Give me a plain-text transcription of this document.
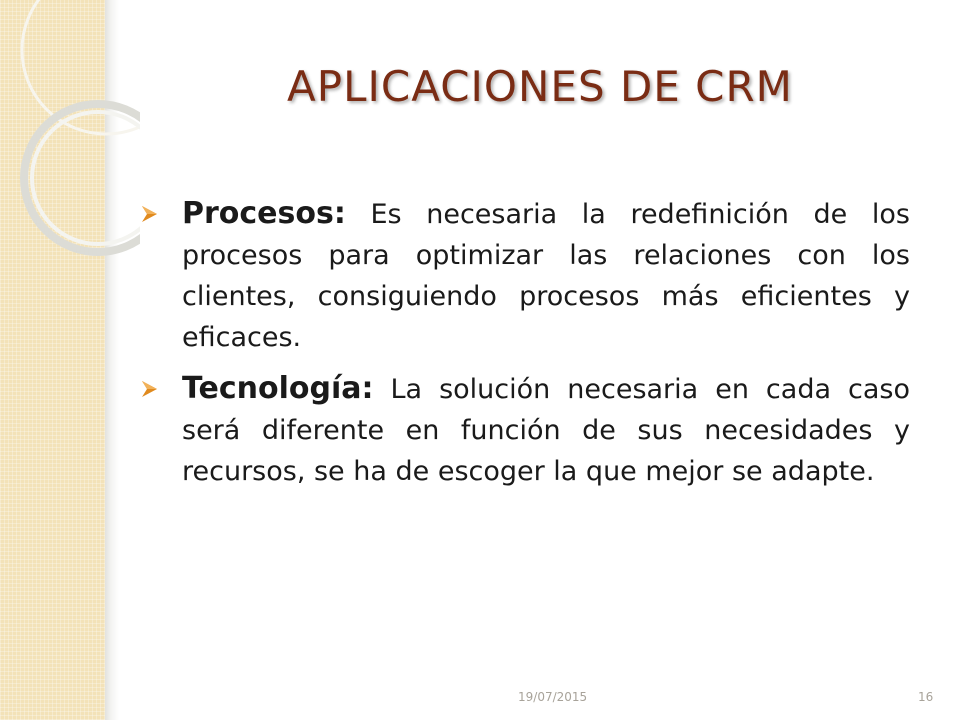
APLICACIONES DE CRM
Procesos: Es necesaria la redefinición de los procesos para optimizar las relaciones con los clientes, consiguiendo procesos más eficientes y eficaces.
Tecnología: La solución necesaria en cada caso será diferente en función de sus necesidades y recursos, se ha de escoger la que mejor se adapte.
19/07/2015	16
